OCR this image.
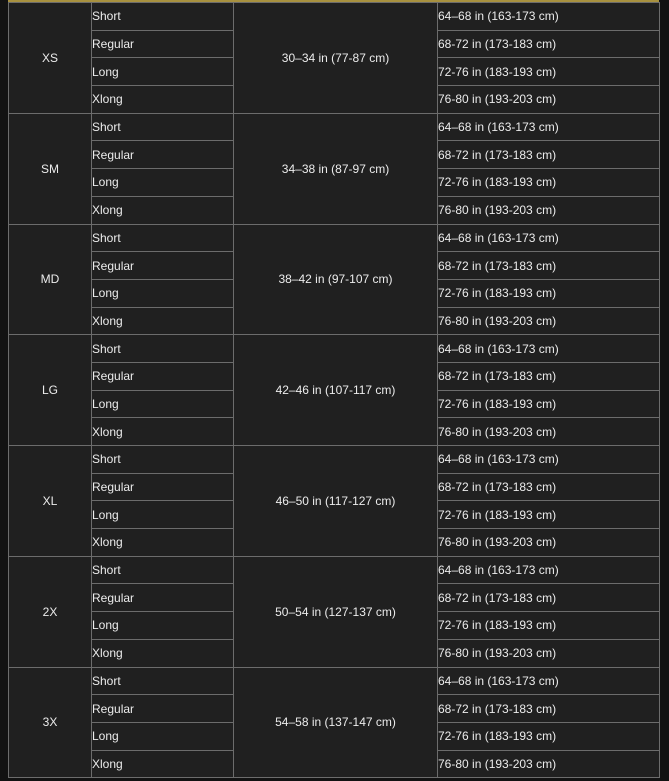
XS	Short	30–34 in (77-87 cm)	64–68 in (163-173 cm)
	Regular		68-72 in (173-183 cm)
	Long		72-76 in (183-193 cm)
	Xlong		76-80 in (193-203 cm)
SM	Short	34–38 in (87-97 cm)	64–68 in (163-173 cm)
	Regular		68-72 in (173-183 cm)
	Long		72-76 in (183-193 cm)
	Xlong		76-80 in (193-203 cm)
MD	Short	38–42 in (97-107 cm)	64–68 in (163-173 cm)
	Regular		68-72 in (173-183 cm)
	Long		72-76 in (183-193 cm)
	Xlong		76-80 in (193-203 cm)
LG	Short	42–46 in (107-117 cm)	64–68 in (163-173 cm)
	Regular		68-72 in (173-183 cm)
	Long		72-76 in (183-193 cm)
	Xlong		76-80 in (193-203 cm)
XL	Short	46–50 in (117-127 cm)	64–68 in (163-173 cm)
	Regular		68-72 in (173-183 cm)
	Long		72-76 in (183-193 cm)
	Xlong		76-80 in (193-203 cm)
2X	Short	50–54 in (127-137 cm)	64–68 in (163-173 cm)
	Regular		68-72 in (173-183 cm)
	Long		72-76 in (183-193 cm)
	Xlong		76-80 in (193-203 cm)
3X	Short	54–58 in (137-147 cm)	64–68 in (163-173 cm)
	Regular		68-72 in (173-183 cm)
	Long		72-76 in (183-193 cm)
	Xlong		76-80 in (193-203 cm)
